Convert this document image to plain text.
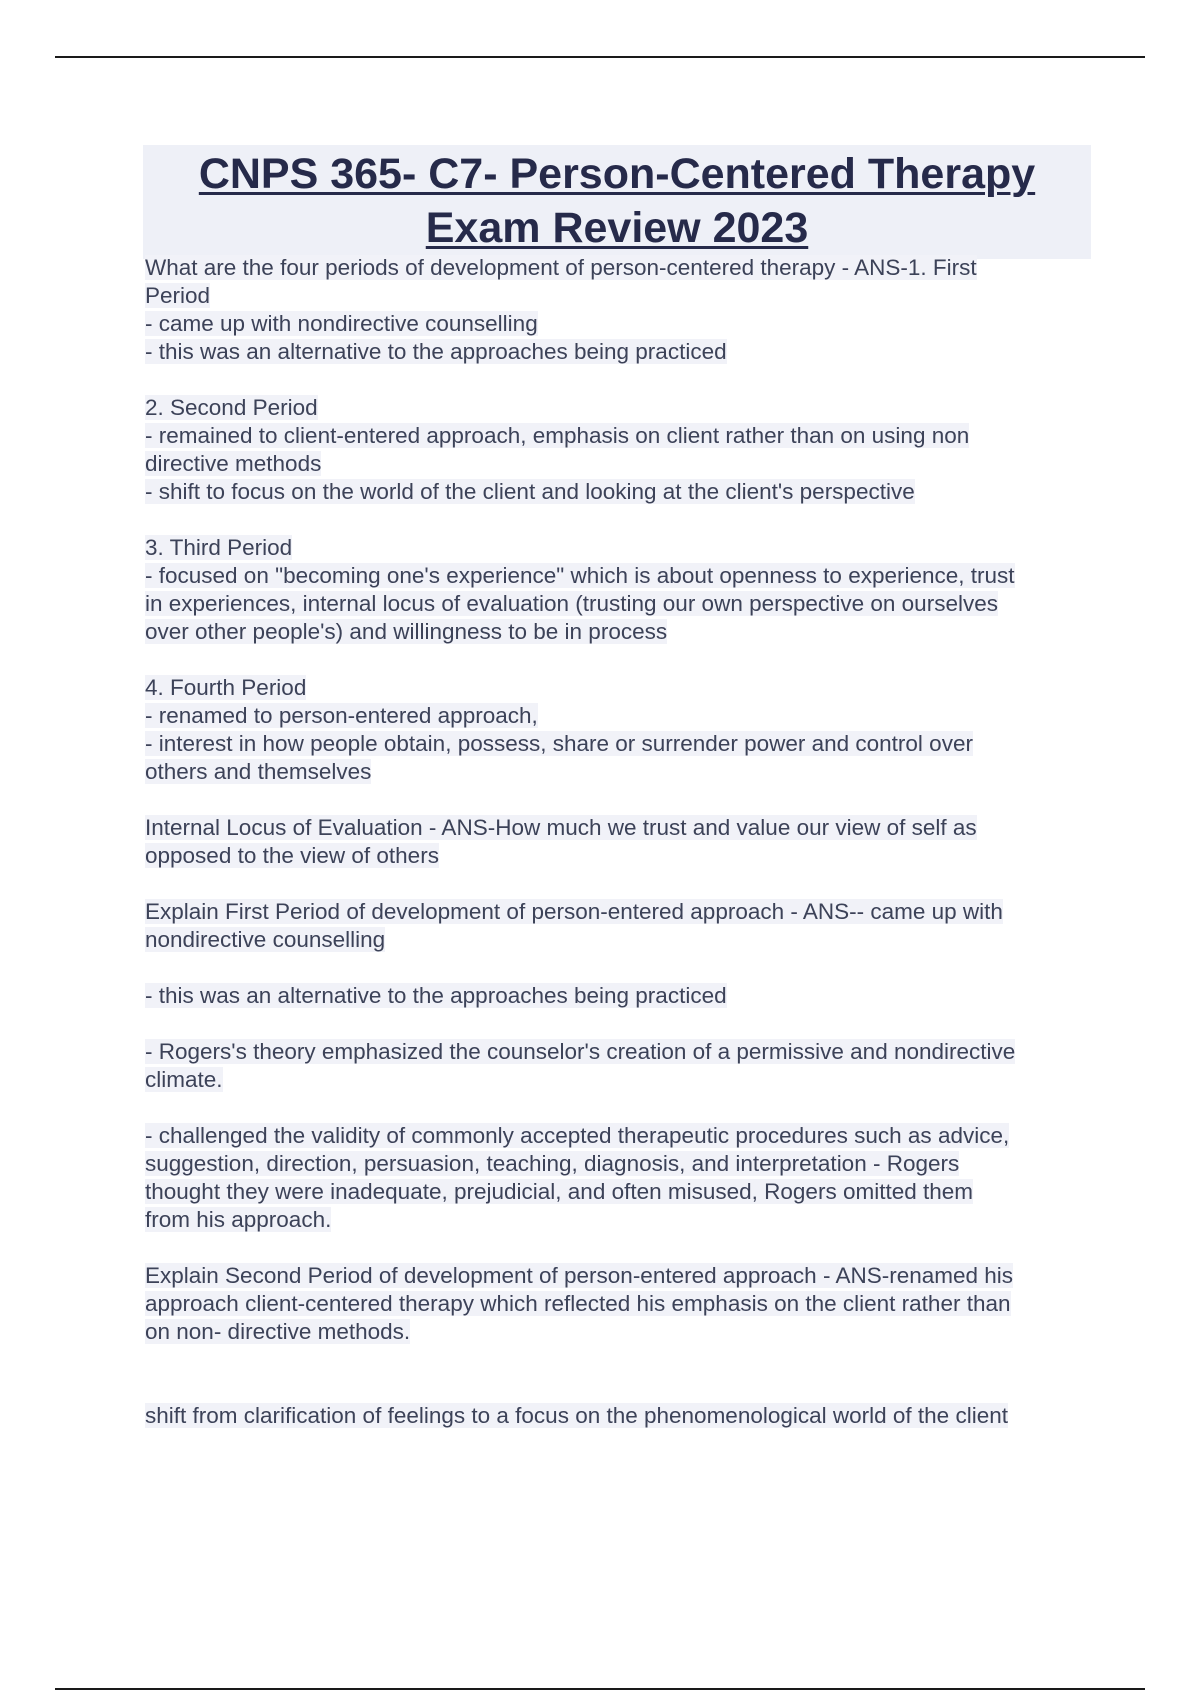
CNPS 365- C7- Person-Centered Therapy
Exam Review 2023
What are the four periods of development of person-centered therapy - ANS-1. First
Period
- came up with nondirective counselling
- this was an alternative to the approaches being practiced
2. Second Period
- remained to client-entered approach, emphasis on client rather than on using non
directive methods
- shift to focus on the world of the client and looking at the client's perspective
3. Third Period
- focused on "becoming one's experience" which is about openness to experience, trust
in experiences, internal locus of evaluation (trusting our own perspective on ourselves
over other people's) and willingness to be in process
4. Fourth Period
- renamed to person-entered approach,
- interest in how people obtain, possess, share or surrender power and control over
others and themselves
Internal Locus of Evaluation - ANS-How much we trust and value our view of self as
opposed to the view of others
Explain First Period of development of person-entered approach - ANS-- came up with
nondirective counselling
- this was an alternative to the approaches being practiced
- Rogers's theory emphasized the counselor's creation of a permissive and nondirective
climate.
- challenged the validity of commonly accepted therapeutic procedures such as advice,
suggestion, direction, persuasion, teaching, diagnosis, and interpretation - Rogers
thought they were inadequate, prejudicial, and often misused, Rogers omitted them
from his approach.
Explain Second Period of development of person-entered approach - ANS-renamed his
approach client-centered therapy which reflected his emphasis on the client rather than
on non- directive methods.
shift from clarification of feelings to a focus on the phenomenological world of the client
